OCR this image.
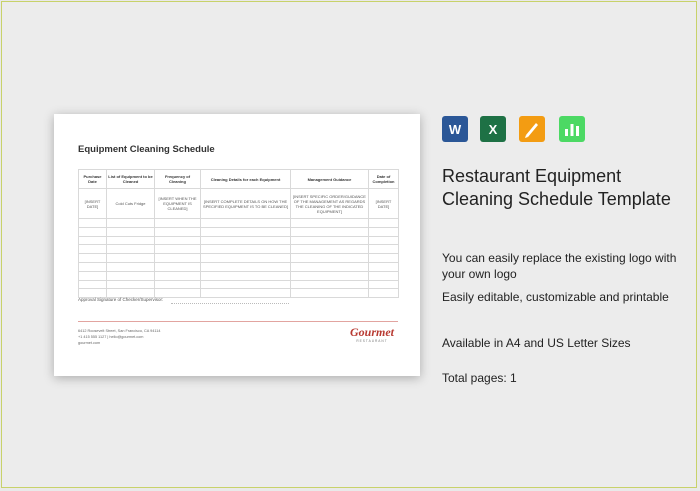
Equipment Cleaning Schedule
Purchase Date	List of Equipment to be Cleaned	Frequency of Cleaning	Cleaning Details for each Equipment	Management Guidance	Date of Completion
[INSERT DATE]	Cold Cuts Fridge	[INSERT WHEN THE EQUIPMENT IS CLEANED]	[INSERT COMPLETE DETAILS ON HOW THE SPECIFIED EQUIPMENT IS TO BE CLEANED]	[INSERT SPECIFIC ORDER/GUIDANCE OF THE MANAGEMENT AS REGARDS THE CLEANING OF THE INDICATED EQUIPMENT]	[INSERT DATE]

Approval Signature of Checker/Supervisor:
6412 Roosevelt Street, San Francisco, CA 94114
+1 415 555 1127 | hello@gourmet.com
gourmet.com
Gourmet
RESTAURANT
W X
Restaurant Equipment Cleaning Schedule Template
You can easily replace the existing logo with your own logo
Easily editable, customizable and printable
Available in A4 and US Letter Sizes
Total pages: 1
